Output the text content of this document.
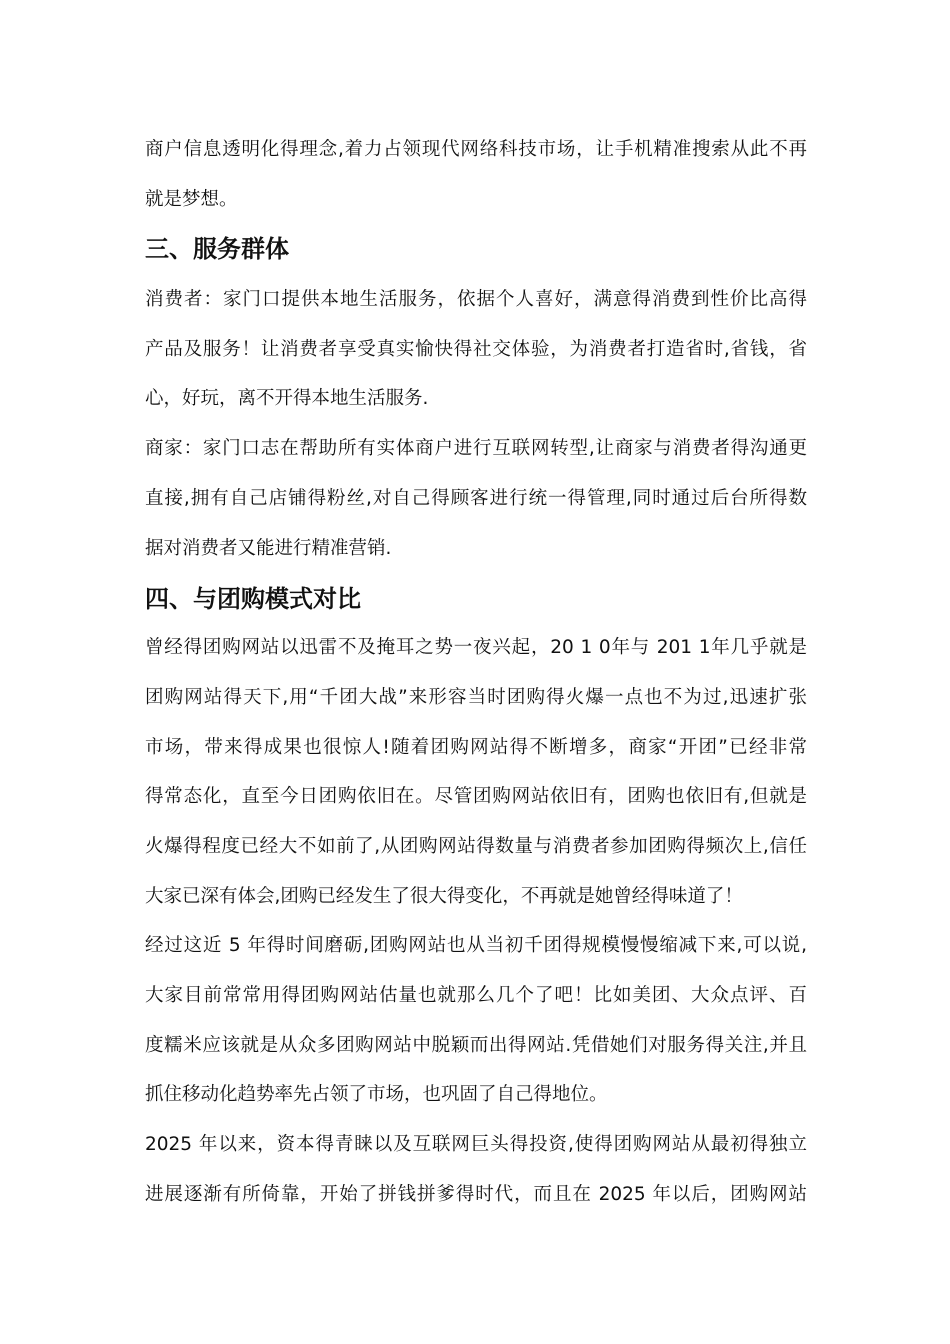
商户信息透明化得理念,着力占领现代网络科技市场，让手机精准搜索从此不再
就是梦想。
三、服务群体
消费者：家门口提供本地生活服务，依据个人喜好，满意得消费到性价比高得
产品及服务！让消费者享受真实愉快得社交体验，为消费者打造省时,省钱，省
心，好玩，离不开得本地生活服务.
商家：家门口志在帮助所有实体商户进行互联网转型,让商家与消费者得沟通更
直接,拥有自己店铺得粉丝,对自己得顾客进行统一得管理,同时通过后台所得数
据对消费者又能进行精准营销.
四、与团购模式对比
曾经得团购网站以迅雷不及掩耳之势一夜兴起，20 1 0年与 201 1年几乎就是
团购网站得天下,用“千团大战”来形容当时团购得火爆一点也不为过,迅速扩张
市场，带来得成果也很惊人!随着团购网站得不断增多，商家“开团”已经非常
得常态化，直至今日团购依旧在。尽管团购网站依旧有，团购也依旧有,但就是
火爆得程度已经大不如前了,从团购网站得数量与消费者参加团购得频次上,信任
大家已深有体会,团购已经发生了很大得变化，不再就是她曾经得味道了！
经过这近 5 年得时间磨砺,团购网站也从当初千团得规模慢慢缩减下来,可以说,
大家目前常常用得团购网站估量也就那么几个了吧！比如美团、大众点评、百
度糯米应该就是从众多团购网站中脱颖而出得网站.凭借她们对服务得关注,并且
抓住移动化趋势率先占领了市场，也巩固了自己得地位。
2025 年以来，资本得青睐以及互联网巨头得投资,使得团购网站从最初得独立
进展逐渐有所倚靠，开始了拼钱拼爹得时代，而且在 2025 年以后，团购网站
